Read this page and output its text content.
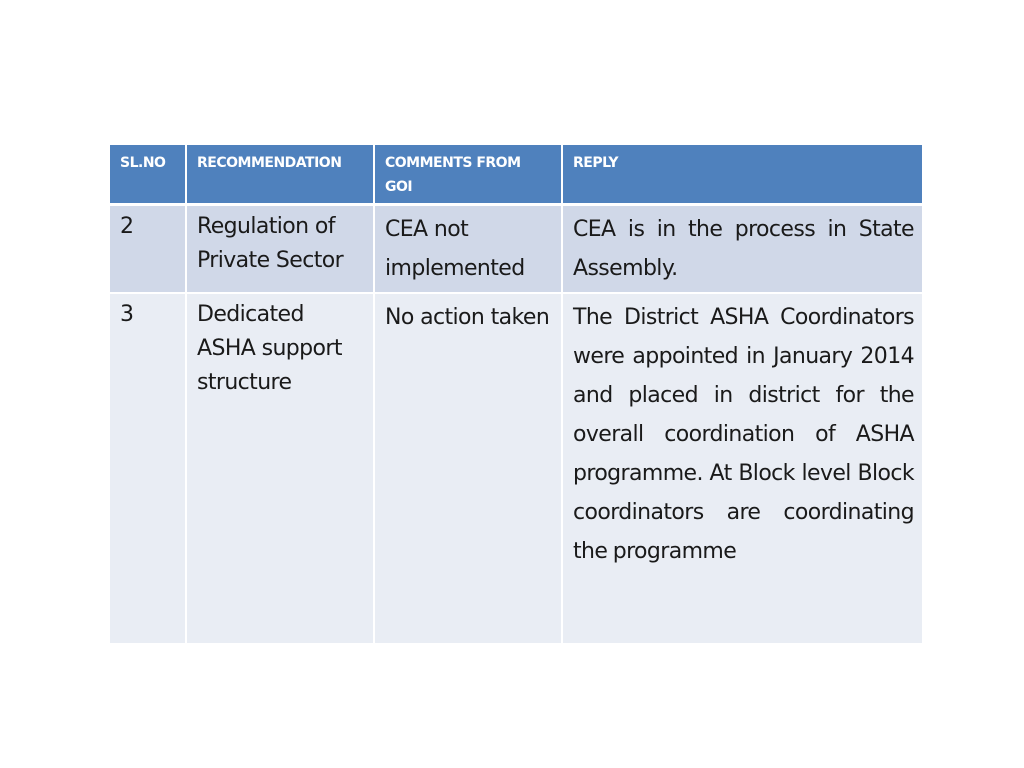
SL.NO	RECOMMENDATION	COMMENTS FROM GOI	REPLY

2	Regulation of Private Sector	CEA not implemented	CEA is in the process in State Assembly.

3	Dedicated ASHA support structure	No action taken	The District ASHA Coordinators were appointed in January 2014 and placed in district for the overall coordination of ASHA programme. At Block level Block coordinators are coordinating the programme
